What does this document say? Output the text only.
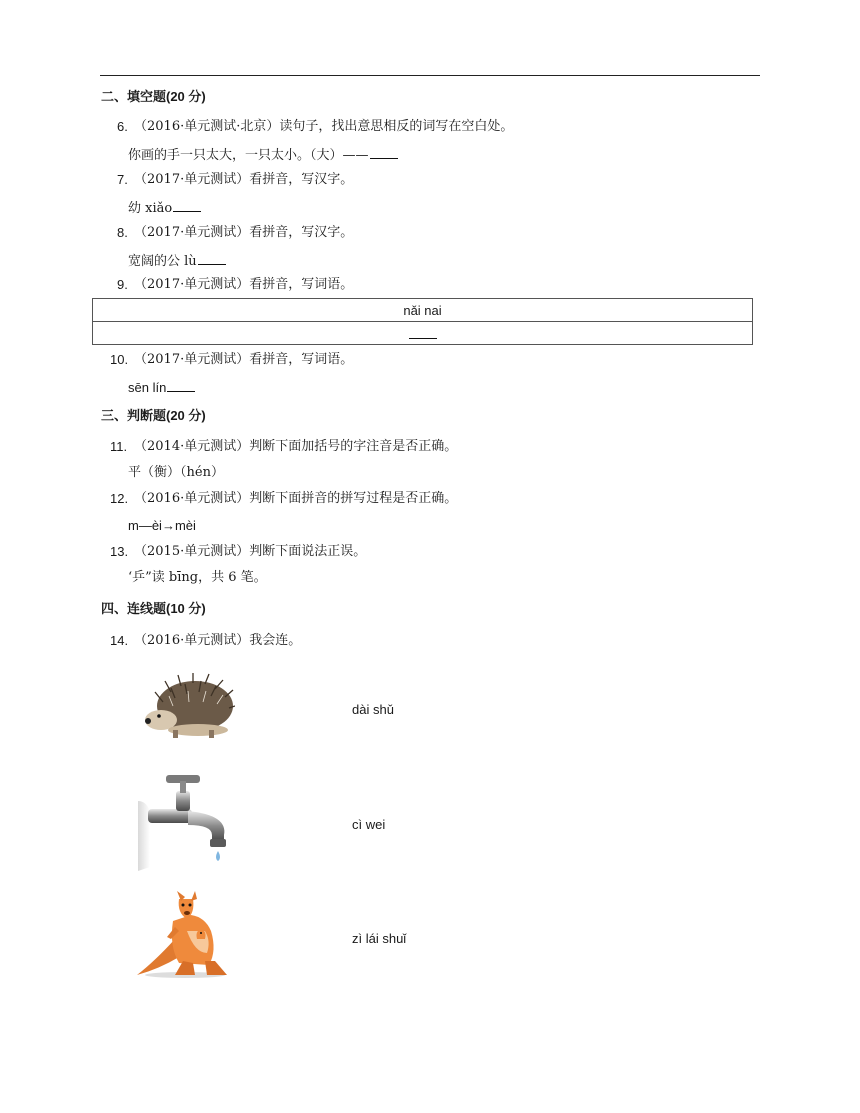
二、填空题(20 分)
6. （2016·单元测试·北京）读句子，找出意思相反的词写在空白处。
你画的手一只太大，一只太小。（大）——
7. （2017·单元测试）看拼音，写汉字。
幼 xiǎo
8. （2017·单元测试）看拼音，写汉字。
宽阔的公 lù
9. （2017·单元测试）看拼音，写词语。
nǎi nai

10. （2017·单元测试）看拼音，写词语。
sēn lín
三、判断题(20 分)
11. （2014·单元测试）判断下面加括号的字注音是否正确。
平（衡）（hén）
12. （2016·单元测试）判断下面拼音的拼写过程是否正确。
m—èi→mèi
13. （2015·单元测试）判断下面说法正误。
‘乒”读 bīng，共 6 笔。
四、连线题(10 分)
14. （2016·单元测试）我会连。
dài shǔ
cì wei
zì lái shuǐ
